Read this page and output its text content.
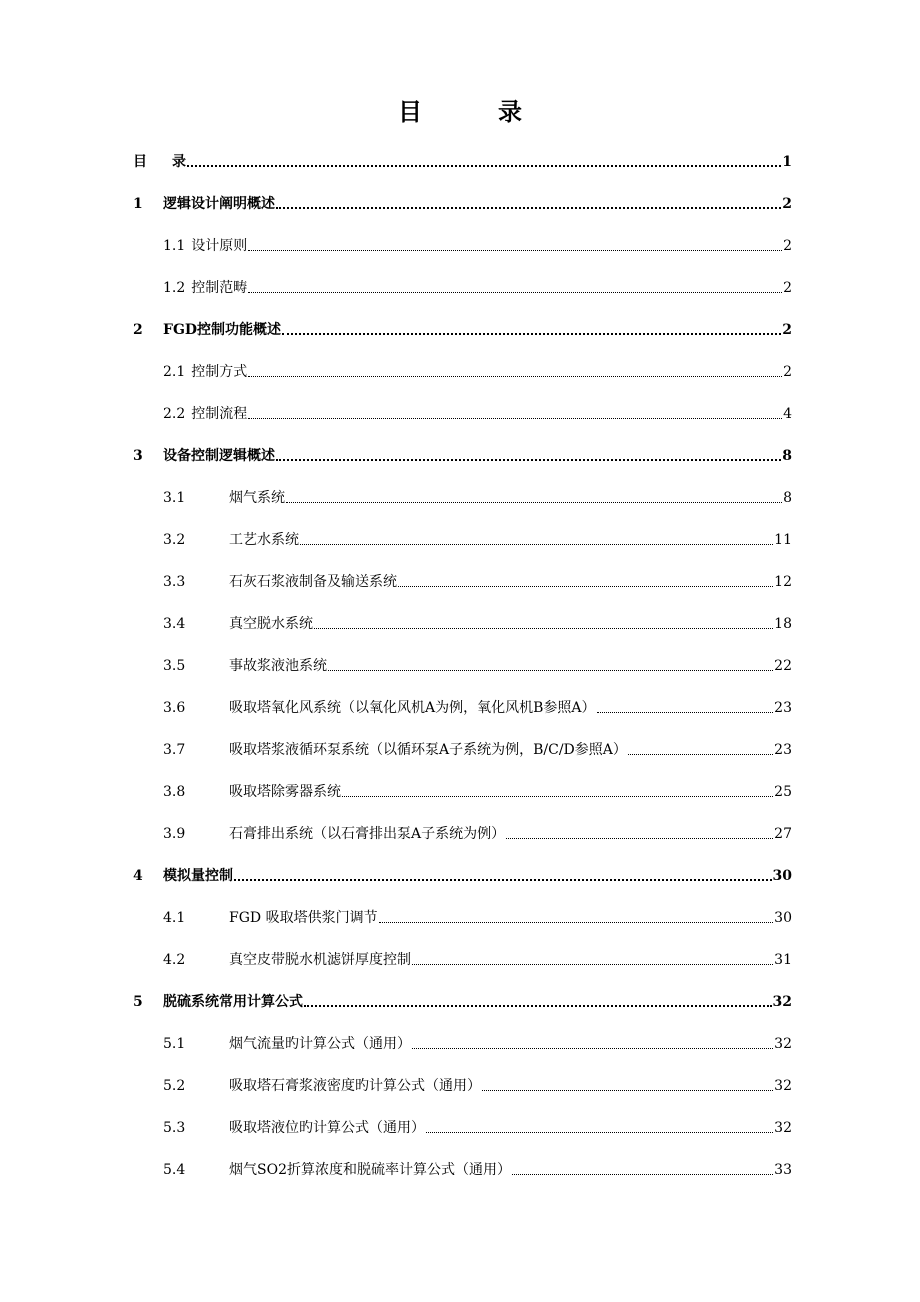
目　录
目	录	1
1	逻辑设计阐明概述	2
1.1 设计原则	2
1.2 控制范畴	2
2	FGD控制功能概述	2
2.1 控制方式	2
2.2 控制流程	4
3	设备控制逻辑概述	8
3.1	烟气系统	8
3.2	工艺水系统	11
3.3	石灰石浆液制备及输送系统	12
3.4	真空脱水系统	18
3.5	事故浆液池系统	22
3.6	吸取塔氧化风系统（以氧化风机A为例，氧化风机B参照A）	23
3.7	吸取塔浆液循环泵系统（以循环泵A子系统为例，B/C/D参照A）	23
3.8	吸取塔除雾器系统	25
3.9	石膏排出系统（以石膏排出泵A子系统为例）	27
4	模拟量控制	30
4.1	FGD 吸取塔供浆门调节	30
4.2	真空皮带脱水机滤饼厚度控制	31
5	脱硫系统常用计算公式	32
5.1	烟气流量旳计算公式（通用）	32
5.2	吸取塔石膏浆液密度旳计算公式（通用）	32
5.3	吸取塔液位旳计算公式（通用）	32
5.4	烟气SO2折算浓度和脱硫率计算公式（通用）	33
